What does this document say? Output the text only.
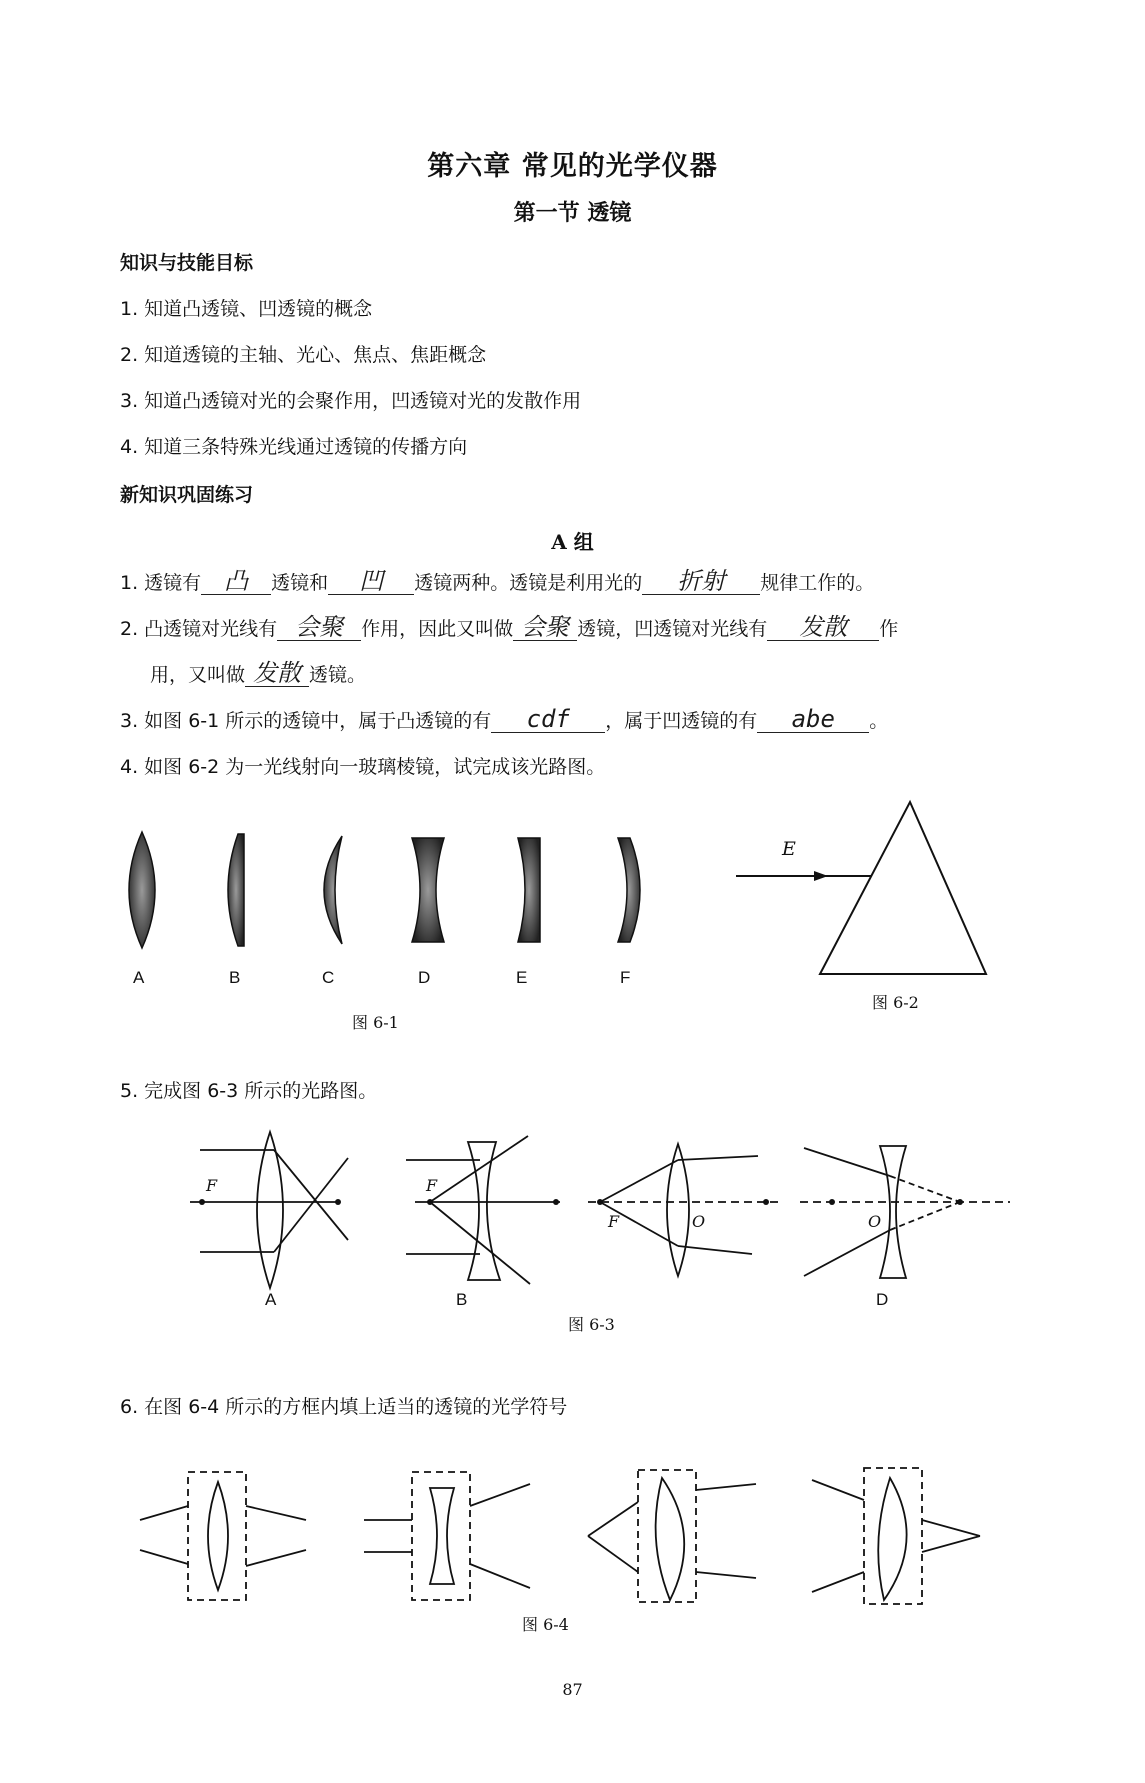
第六章 常见的光学仪器
第一节 透镜
知识与技能目标
1. 知道凸透镜、凹透镜的概念
2. 知道透镜的主轴、光心、焦点、焦距概念
3. 知道凸透镜对光的会聚作用，凹透镜对光的发散作用
4. 知道三条特殊光线通过透镜的传播方向
新知识巩固练习
A 组
1. 透镜有 凸 透镜和 凹 透镜两种。透镜是利用光的 折射 规律工作的。
2. 凸透镜对光线有 会聚 作用，因此又叫做 会聚 透镜，凹透镜对光线有 发散 作
用，又叫做 发散 透镜。
3. 如图 6-1 所示的透镜中，属于凸透镜的有 cdf ，属于凹透镜的有 abe 。
4. 如图 6-2 为一光线射向一玻璃棱镜，试完成该光路图。
A	B	C	D	E	F
图 6-1
E
图 6-2
5. 完成图 6-3 所示的光路图。
F	F
F	O	O
A	B	D
图 6-3
6. 在图 6-4 所示的方框内填上适当的透镜的光学符号
图 6-4
87
